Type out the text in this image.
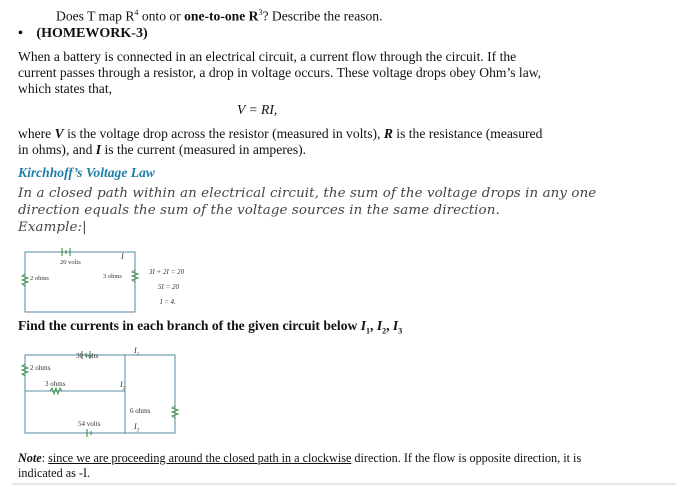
Does T map $R^4$ onto or one-to-one $R^3$? Describe the reason.
• (HOMEWORK-3)
When a battery is connected in an electrical circuit, a current flow through the circuit. If the
current passes through a resistor, a drop in voltage occurs. These voltage drops obey Ohm’s law,
which states that,
V = RI,
where V is the voltage drop across the resistor (measured in volts), R is the resistance (measured
in ohms), and I is the current (measured in amperes).
Kirchhoff’s Voltage Law
In a closed path within an electrical circuit, the sum of the voltage drops in any one
direction equals the sum of the voltage sources in the same direction.
Example:|
20 volts
I
2 ohms	3 ohms
3I + 2I = 20
5I = 20
I = 4.
Find the currents in each branch of the given circuit below $I_1$, $I_2$, $I_3$
30 volts
$I_1$
2 ohms
3 ohms	$I_2$
6 ohms
54 volts	$I_3$
Note: since we are proceeding around the closed path in a clockwise direction. If the flow is opposite direction, it is
indicated as -I.
